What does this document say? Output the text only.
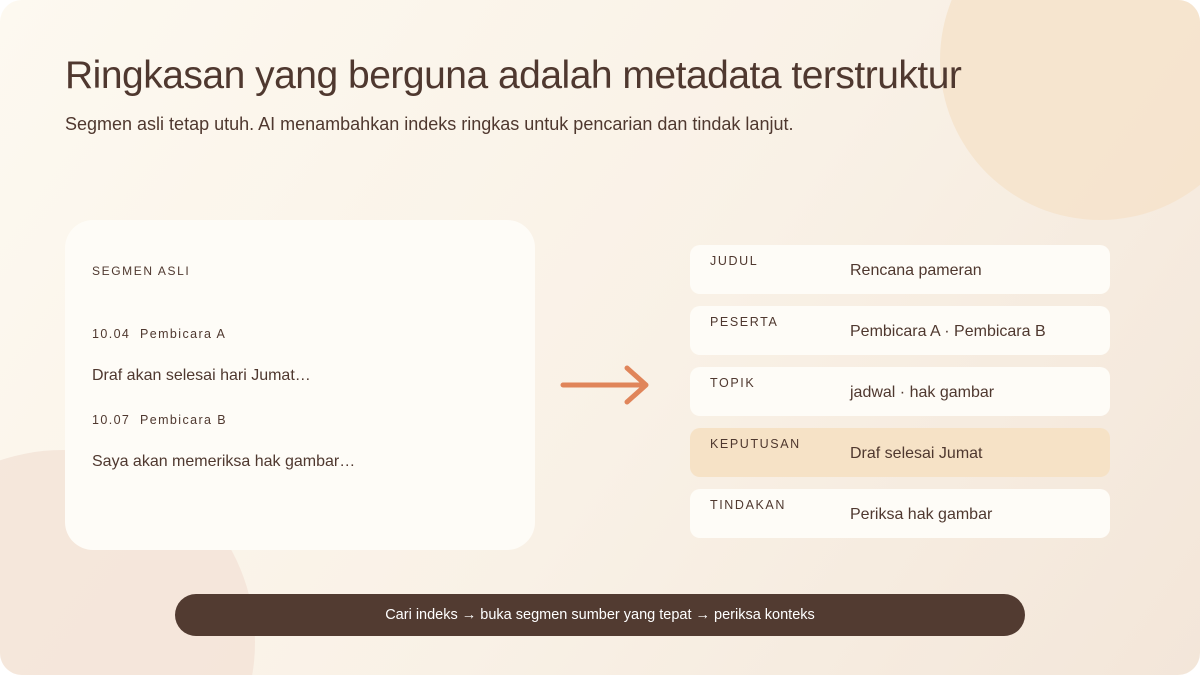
Ringkasan yang berguna adalah metadata terstruktur

Segmen asli tetap utuh. AI menambahkan indeks ringkas untuk pencarian dan tindak lanjut.

SEGMEN ASLI
10.04 Pembicara A
Draf akan selesai hari Jumat…
10.07 Pembicara B
Saya akan memeriksa hak gambar…
JUDUL
Rencana pameran
PESERTA
Pembicara A · Pembicara B
TOPIK
jadwal · hak gambar
KEPUTUSAN
Draf selesai Jumat
TINDAKAN
Periksa hak gambar
Cari indeks → buka segmen sumber yang tepat → periksa konteks
